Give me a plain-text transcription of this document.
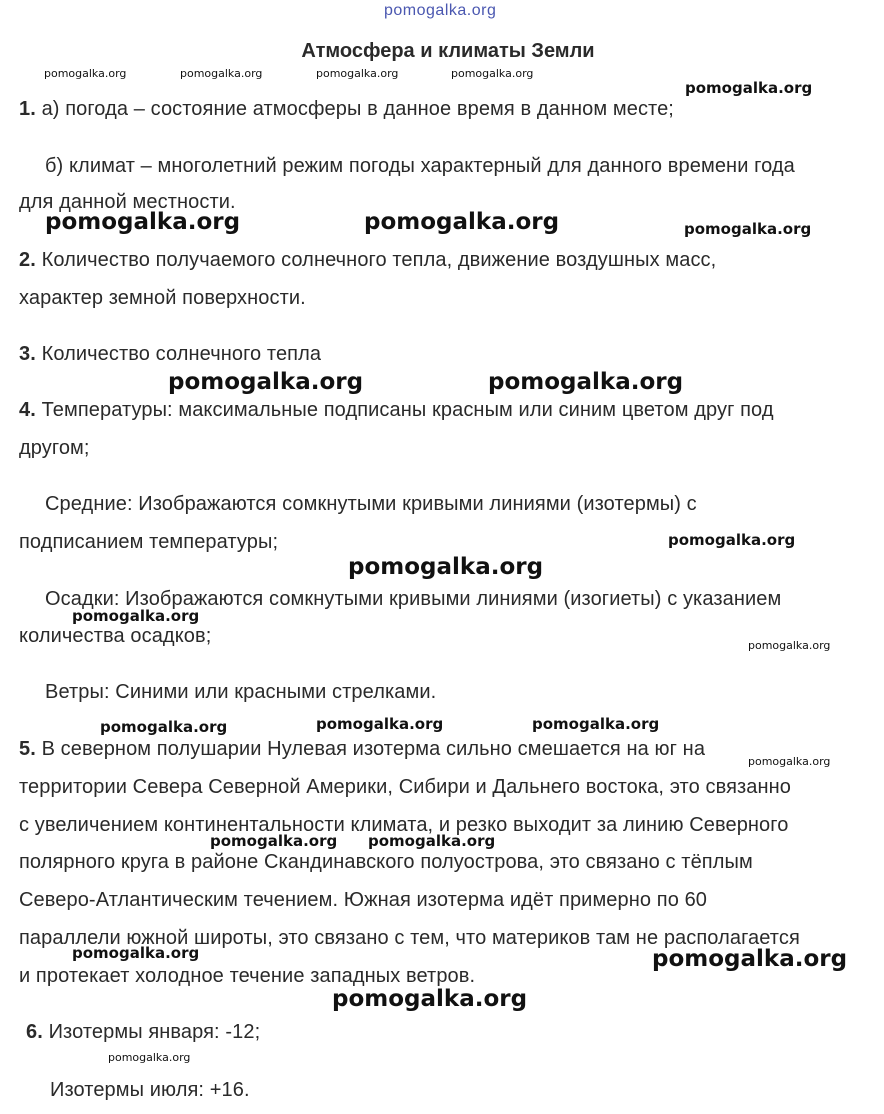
pomogalka.org
Атмосфера и климаты Земли
pomogalka.org	pomogalka.org	pomogalka.org	pomogalka.org
pomogalka.org
1. а) погода – состояние атмосферы в данное время в данном месте;
б) климат – многолетний режим погоды характерный для данного времени года
для данной местности.
pomogalka.org	pomogalka.org	pomogalka.org
2. Количество получаемого солнечного тепла, движение воздушных масс,
характер земной поверхности.
3. Количество солнечного тепла
pomogalka.org	pomogalka.org
4. Температуры: максимальные подписаны красным или синим цветом друг под
другом;
Средние: Изображаются сомкнутыми кривыми линиями (изотермы) с
подписанием температуры;	pomogalka.org
pomogalka.org
Осадки: Изображаются сомкнутыми кривыми линиями (изогиеты) с указанием
pomogalka.org
количества осадков;	pomogalka.org
Ветры: Синими или красными стрелками.
pomogalka.org	pomogalka.org	pomogalka.org
5. В северном полушарии Нулевая изотерма сильно смешается на юг на
pomogalka.org
территории Севера Северной Америки, Сибири и Дальнего востока, это связанно
с увеличением континентальности климата, и резко выходит за линию Северного
pomogalka.org pomogalka.org
полярного круга в районе Скандинавского полуострова, это связано с тёплым
Северо-Атлантическим течением. Южная изотерма идёт примерно по 60
параллели южной широты, это связано с тем, что материков там не располагается
pomogalka.org	pomogalka.org
и протекает холодное течение западных ветров.
pomogalka.org
6. Изотермы января: -12;
pomogalka.org
Изотермы июля: +16.
